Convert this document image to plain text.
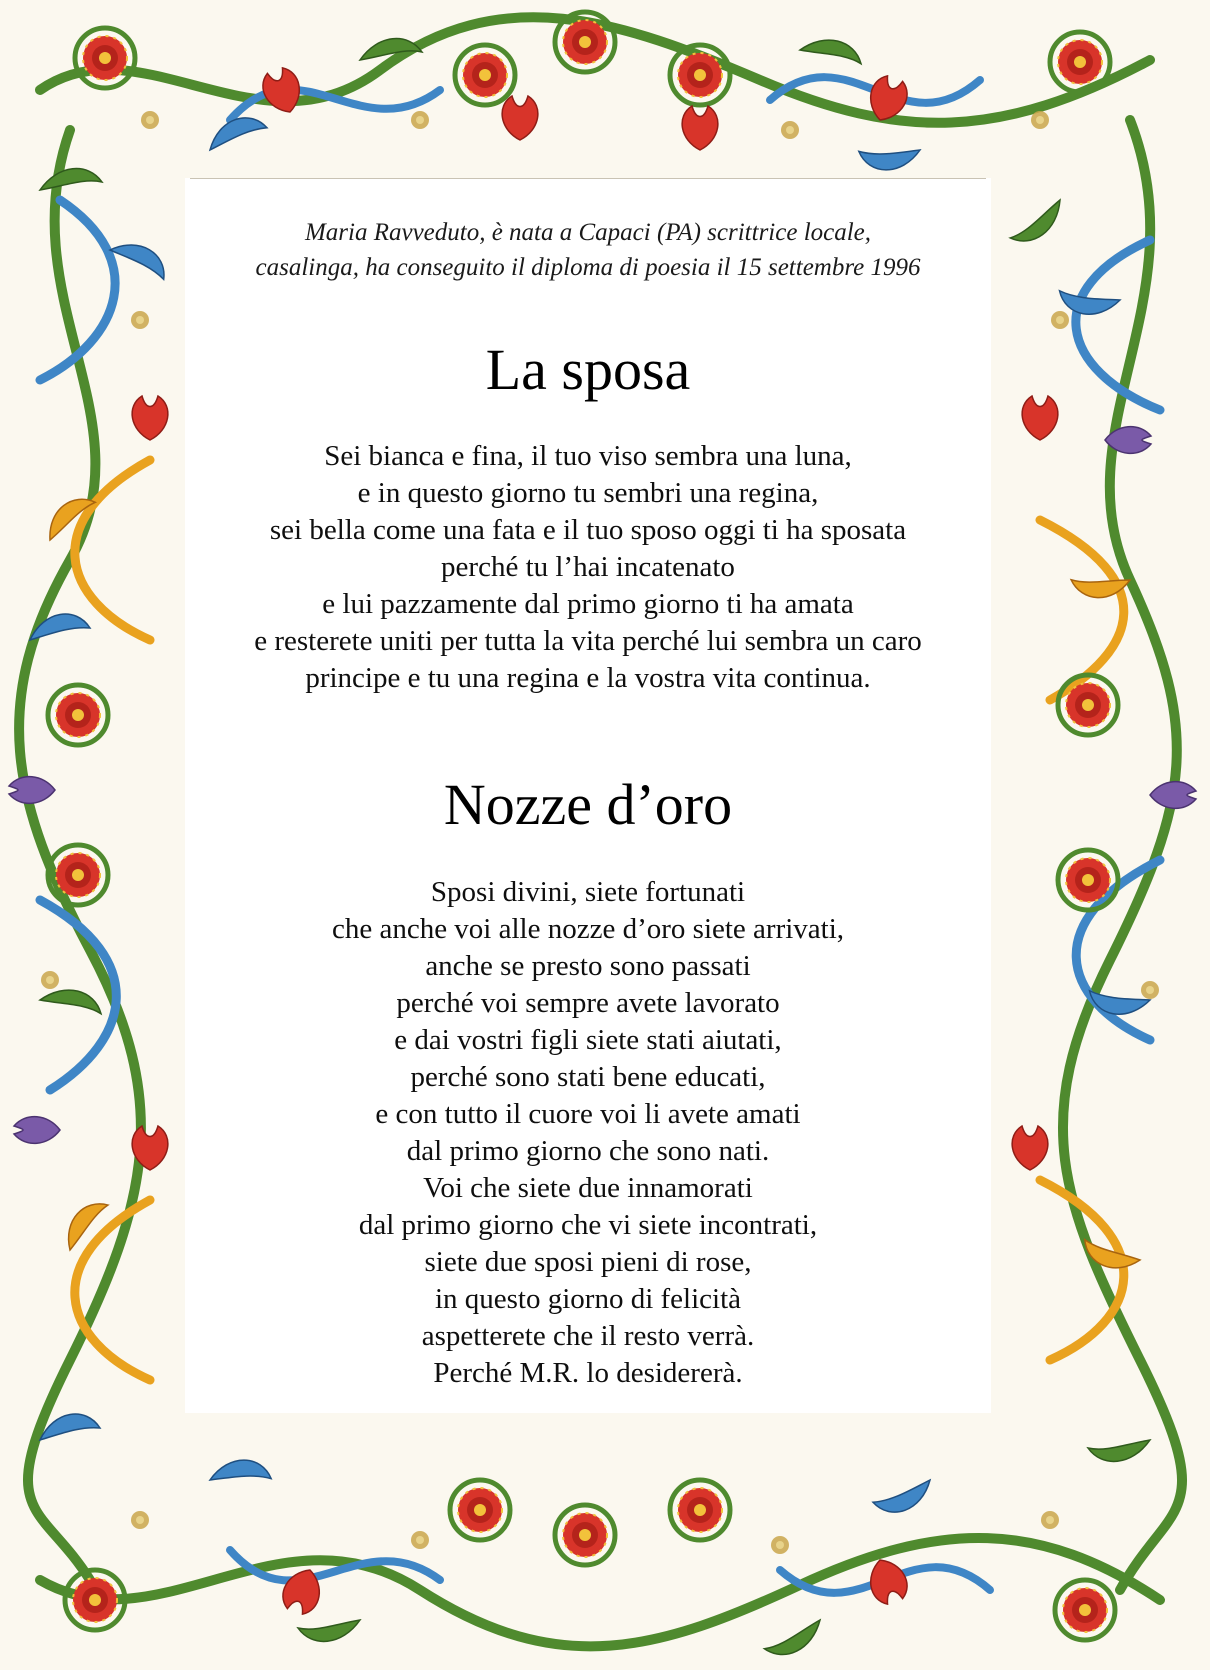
Maria Ravveduto, è nata a Capaci (PA) scrittrice locale,
casalinga, ha conseguito il diploma di poesia il 15 settembre 1996
La sposa
Sei bianca e fina, il tuo viso sembra una luna,
e in questo giorno tu sembri una regina,
sei bella come una fata e il tuo sposo oggi ti ha sposata
perché tu l’hai incatenato
e lui pazzamente dal primo giorno ti ha amata
e resterete uniti per tutta la vita perché lui sembra un caro
principe e tu una regina e la vostra vita continua.
Nozze d’oro
Sposi divini, siete fortunati
che anche voi alle nozze d’oro siete arrivati,
anche se presto sono passati
perché voi sempre avete lavorato
e dai vostri figli siete stati aiutati,
perché sono stati bene educati,
e con tutto il cuore voi li avete amati
dal primo giorno che sono nati.
Voi che siete due innamorati
dal primo giorno che vi siete incontrati,
siete due sposi pieni di rose,
in questo giorno di felicità
aspetterete che il resto verrà.
Perché M.R. lo desidererà.
